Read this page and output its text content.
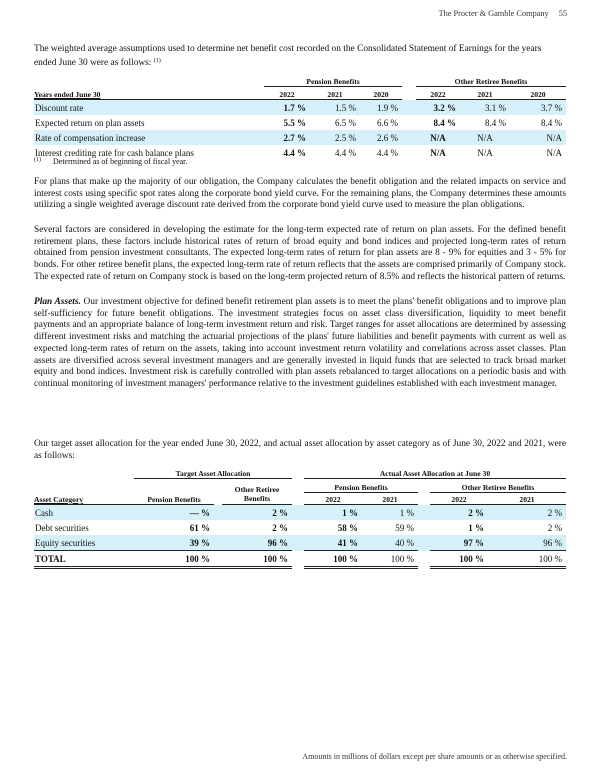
The Procter & Gamble Company 55

The weighted average assumptions used to determine net benefit cost recorded on the Consolidated Statement of Earnings for the years ended June 30 were as follows: $^{(1)}$

	Pension Benefits				Other Retiree Benefits		
Years ended June 30	2022	2021	2020		2022	2021	2020
Discount rate	1.7 %	1.5 %	1.9 %		3.2 %	3.1 %	3.7 %
Expected return on plan assets	5.5 %	6.5 %	6.6 %		8.4 %	8.4 %	8.4 %
Rate of compensation increase	2.7 %	2.5 %	2.6 %		N/A	N/A	N/A
Interest crediting rate for cash balance plans	4.4 %	4.4 %	4.4 %		N/A	N/A	N/A
$^{(1)}$ Determined as of beginning of fiscal year.

For plans that make up the majority of our obligation, the Company calculates the benefit obligation and the related impacts on service and interest costs using specific spot rates along the corporate bond yield curve. For the remaining plans, the Company determines these amounts utilizing a single weighted average discount rate derived from the corporate bond yield curve used to measure the plan obligations.

Several factors are considered in developing the estimate for the long-term expected rate of return on plan assets. For the defined benefit retirement plans, these factors include historical rates of return of broad equity and bond indices and projected long-term rates of return obtained from pension investment consultants. The expected long-term rates of return for plan assets are 8 - 9% for equities and 3 - 5% for bonds. For other retiree benefit plans, the expected long-term rate of return reflects that the assets are comprised primarily of Company stock. The expected rate of return on Company stock is based on the long-term projected return of 8.5% and reflects the historical pattern of returns.

Plan Assets. Our investment objective for defined benefit retirement plan assets is to meet the plans' benefit obligations and to improve plan self-sufficiency for future benefit obligations. The investment strategies focus on asset class diversification, liquidity to meet benefit payments and an appropriate balance of long-term investment return and risk. Target ranges for asset allocations are determined by assessing different investment risks and matching the actuarial projections of the plans' future liabilities and benefit payments with current as well as expected long-term rates of return on the assets, taking into account investment return volatility and correlations across asset classes. Plan assets are diversified across several investment managers and are generally invested in liquid funds that are selected to track broad market equity and bond indices. Investment risk is carefully controlled with plan assets rebalanced to target allocations on a periodic basis and with continual monitoring of investment managers' performance relative to the investment guidelines established with each investment manager.

Our target asset allocation for the year ended June 30, 2022, and actual asset allocation by asset category as of June 30, 2022 and 2021, were as follows:

	Target Asset Allocation				Actual Asset Allocation at June 30				
			Other Retiree Benefits		Pension Benefits			Other Retiree Benefits	
Asset Category	Pension Benefits				2022	2021		2022	2021
Cash	— %		2 %		1 %	1 %		2 %	2 %
Debt securities	61 %		2 %		58 %	59 %		1 %	2 %
Equity securities	39 %		96 %		41 %	40 %		97 %	96 %
TOTAL	100 %		100 %		100 %	100 %		100 %	100 %
Amounts in millions of dollars except per share amounts or as otherwise specified.
